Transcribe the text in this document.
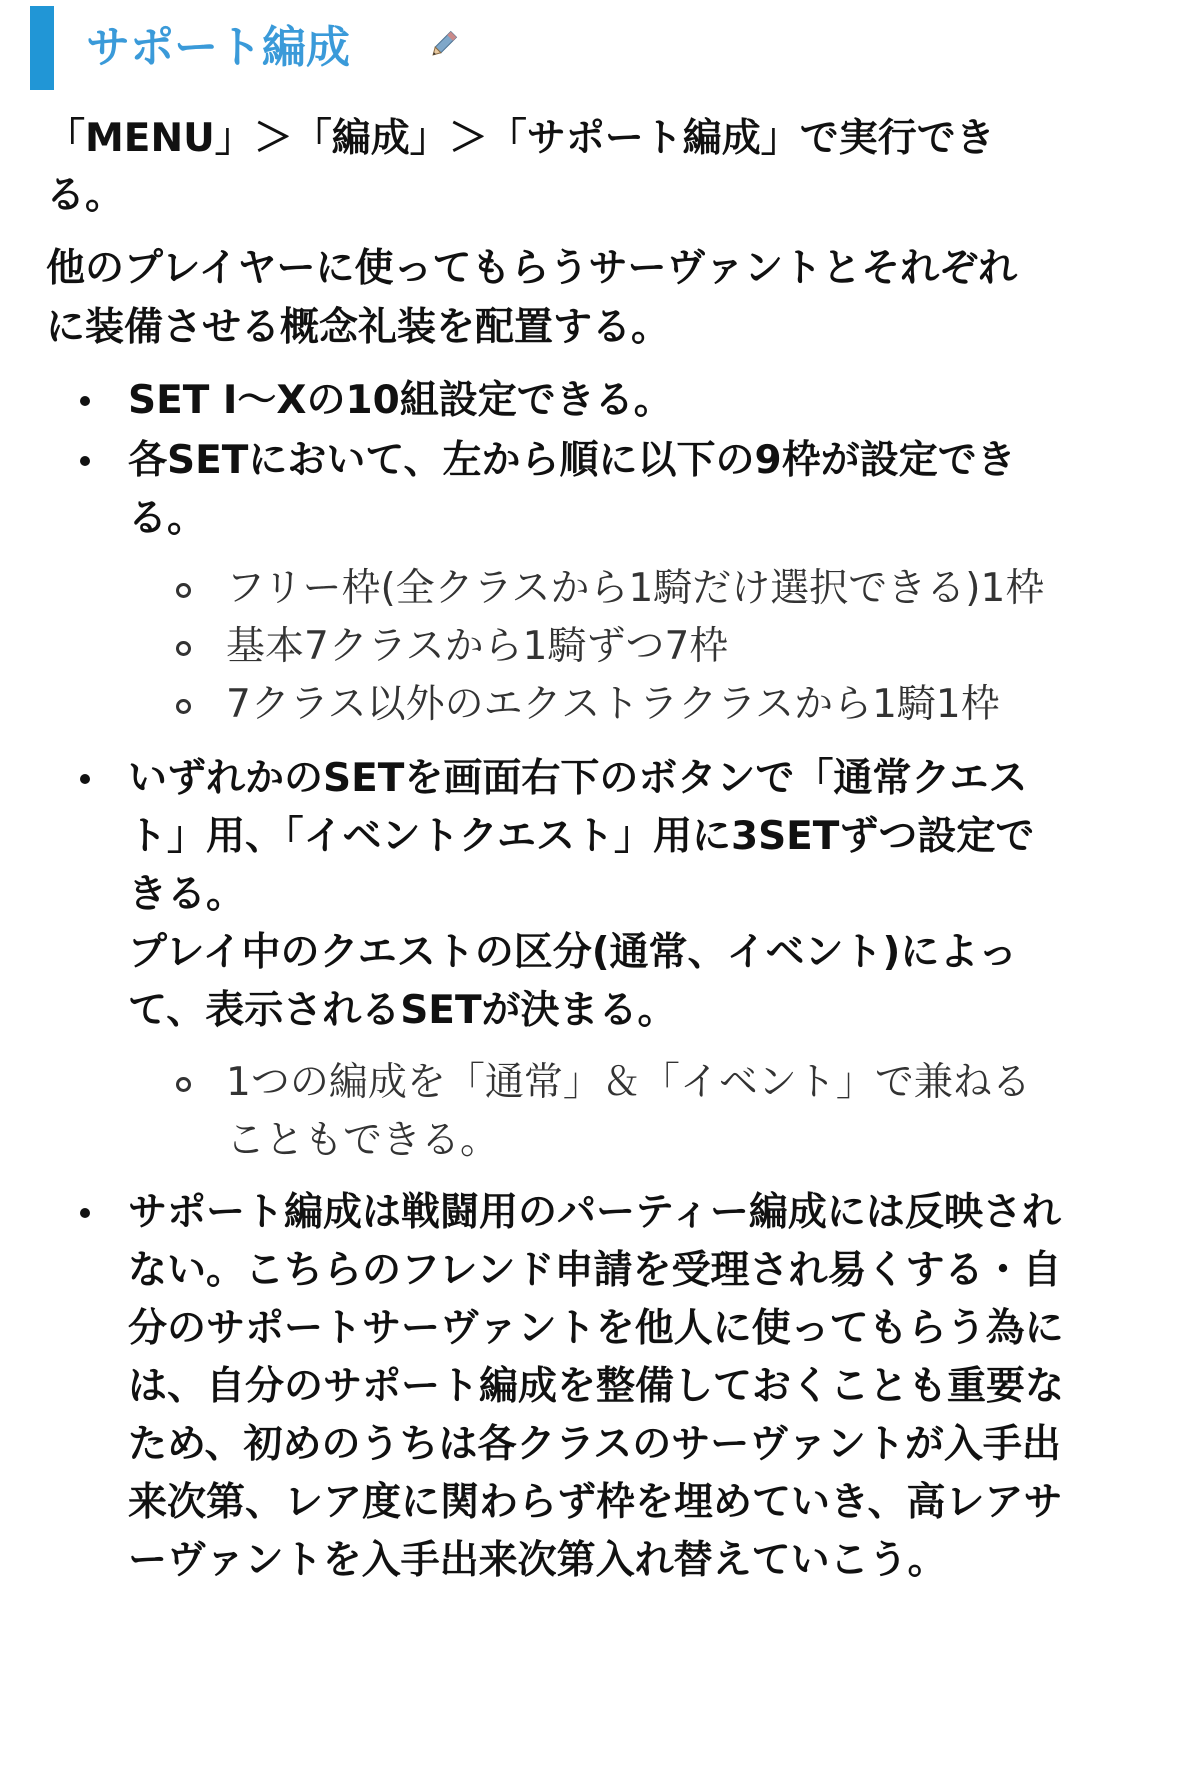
サポート編成

「MENU」＞「編成」＞「サポート編成」で実行でき

る。

他のプレイヤーに使ってもらうサーヴァントとそれぞれ

に装備させる概念礼装を配置する。

SET Ⅰ〜Xの10組設定できる。

各SETにおいて、左から順に以下の9枠が設定でき

る。

フリー枠(全クラスから1騎だけ選択できる)1枠

基本7クラスから1騎ずつ7枠

7クラス以外のエクストラクラスから1騎1枠

いずれかのSETを画面右下のボタンで「通常クエス

ト」用、「イベントクエスト」用に3SETずつ設定で

きる。

プレイ中のクエストの区分(通常、イベント)によっ

て、表示されるSETが決まる。

1つの編成を「通常」＆「イベント」で兼ねる

こともできる。

サポート編成は戦闘用のパーティー編成には反映され

ない。こちらのフレンド申請を受理され易くする・自

分のサポートサーヴァントを他人に使ってもらう為に

は、自分のサポート編成を整備しておくことも重要な

ため、初めのうちは各クラスのサーヴァントが入手出

来次第、レア度に関わらず枠を埋めていき、高レアサ

ーヴァントを入手出来次第入れ替えていこう。
